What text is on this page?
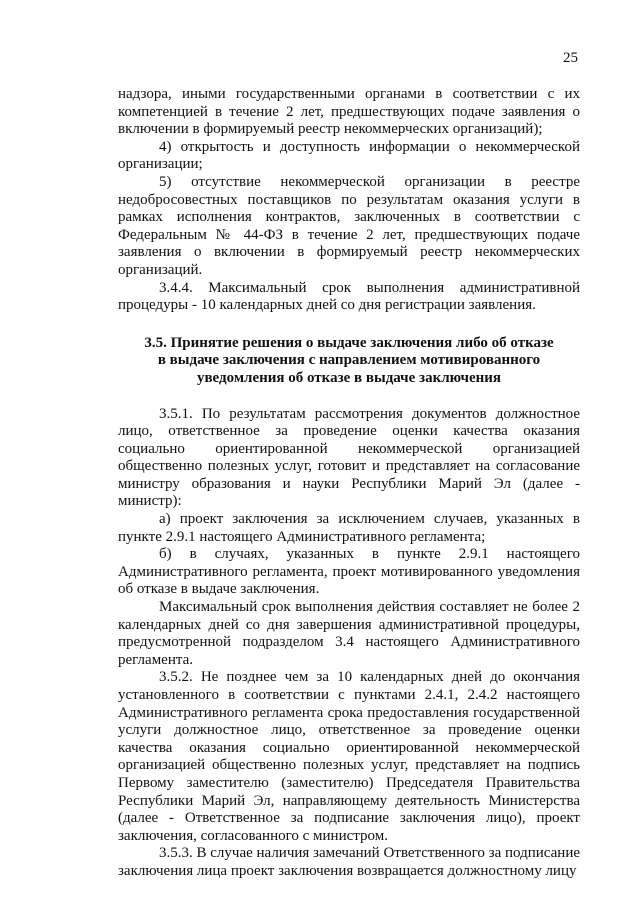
25

надзора, иными государственными органами в соответствии с их компетенцией в течение 2 лет, предшествующих подаче заявления о включении в формируемый реестр некоммерческих организаций);

4) открытость и доступность информации о некоммерческой организации;

5) отсутствие некоммерческой организации в реестре недобросовестных поставщиков по результатам оказания услуги в рамках исполнения контрактов, заключенных в соответствии с Федеральным № 44-ФЗ в течение 2 лет, предшествующих подаче заявления о включении в формируемый реестр некоммерческих организаций.

3.4.4. Максимальный срок выполнения административной процедуры - 10 календарных дней со дня регистрации заявления.

3.5. Принятие решения о выдаче заключения либо об отказе
в выдаче заключения с направлением мотивированного
уведомления об отказе в выдаче заключения

3.5.1. По результатам рассмотрения документов должностное лицо, ответственное за проведение оценки качества оказания социально ориентированной некоммерческой организацией общественно полезных услуг, готовит и представляет на согласование министру образования и науки Республики Марий Эл (далее - министр):

а) проект заключения за исключением случаев, указанных в пункте 2.9.1 настоящего Административного регламента;

б) в случаях, указанных в пункте 2.9.1 настоящего Административного регламента, проект мотивированного уведомления об отказе в выдаче заключения.

Максимальный срок выполнения действия составляет не более 2 календарных дней со дня завершения административной процедуры, предусмотренной подразделом 3.4 настоящего Административного регламента.

3.5.2. Не позднее чем за 10 календарных дней до окончания установленного в соответствии с пунктами 2.4.1, 2.4.2 настоящего Административного регламента срока предоставления государственной услуги должностное лицо, ответственное за проведение оценки качества оказания социально ориентированной некоммерческой организацией общественно полезных услуг, представляет на подпись Первому заместителю (заместителю) Председателя Правительства Республики Марий Эл, направляющему деятельность Министерства (далее - Ответственное за подписание заключения лицо), проект заключения, согласованного с министром.

3.5.3. В случае наличия замечаний Ответственного за подписание заключения лица проект заключения возвращается должностному лицу
